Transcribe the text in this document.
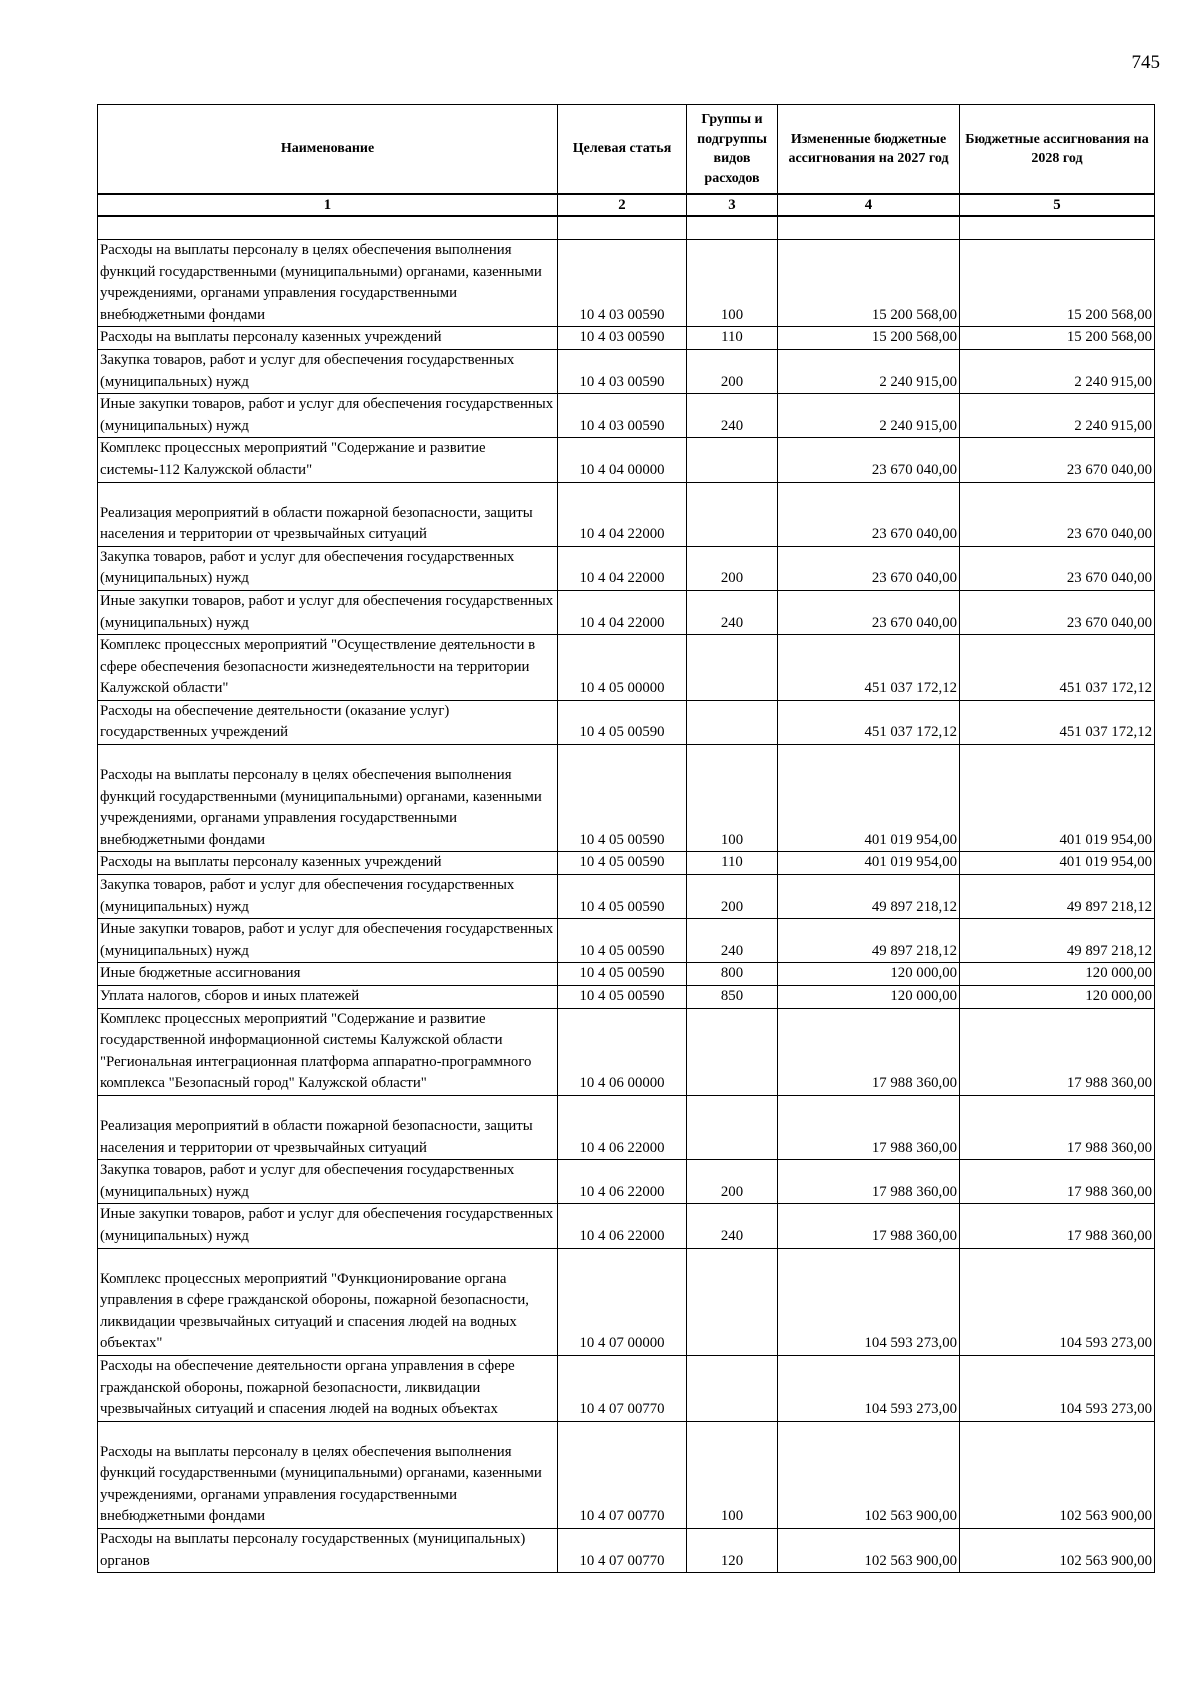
745
Наименование	Целевая статья	Группы и подгруппы видов расходов	Измененные бюджетные ассигнования на 2027 год	Бюджетные ассигнования на 2028 год
1	2	3	4	5

Расходы на выплаты персоналу в целях обеспечения выполнения функций государственными (муниципальными) органами, казенными учреждениями, органами управления государственными внебюджетными фондами	10 4 03 00590	100	15 200 568,00	15 200 568,00
Расходы на выплаты персоналу казенных учреждений	10 4 03 00590	110	15 200 568,00	15 200 568,00
Закупка товаров, работ и услуг для обеспечения государственных (муниципальных) нужд	10 4 03 00590	200	2 240 915,00	2 240 915,00
Иные закупки товаров, работ и услуг для обеспечения государственных (муниципальных) нужд	10 4 03 00590	240	2 240 915,00	2 240 915,00
Комплекс процессных мероприятий "Содержание и развитие системы-112 Калужской области"	10 4 04 00000		23 670 040,00	23 670 040,00
Реализация мероприятий в области пожарной безопасности, защиты населения и территории от чрезвычайных ситуаций	10 4 04 22000		23 670 040,00	23 670 040,00
Закупка товаров, работ и услуг для обеспечения государственных (муниципальных) нужд	10 4 04 22000	200	23 670 040,00	23 670 040,00
Иные закупки товаров, работ и услуг для обеспечения государственных (муниципальных) нужд	10 4 04 22000	240	23 670 040,00	23 670 040,00
Комплекс процессных мероприятий "Осуществление деятельности в сфере обеспечения безопасности жизнедеятельности на территории Калужской области"	10 4 05 00000		451 037 172,12	451 037 172,12
Расходы на обеспечение деятельности (оказание услуг) государственных учреждений	10 4 05 00590		451 037 172,12	451 037 172,12
Расходы на выплаты персоналу в целях обеспечения выполнения функций государственными (муниципальными) органами, казенными учреждениями, органами управления государственными внебюджетными фондами	10 4 05 00590	100	401 019 954,00	401 019 954,00
Расходы на выплаты персоналу казенных учреждений	10 4 05 00590	110	401 019 954,00	401 019 954,00
Закупка товаров, работ и услуг для обеспечения государственных (муниципальных) нужд	10 4 05 00590	200	49 897 218,12	49 897 218,12
Иные закупки товаров, работ и услуг для обеспечения государственных (муниципальных) нужд	10 4 05 00590	240	49 897 218,12	49 897 218,12
Иные бюджетные ассигнования	10 4 05 00590	800	120 000,00	120 000,00
Уплата налогов, сборов и иных платежей	10 4 05 00590	850	120 000,00	120 000,00
Комплекс процессных мероприятий "Содержание и развитие государственной информационной системы Калужской области "Региональная интеграционная платформа аппаратно-программного комплекса "Безопасный город" Калужской области"	10 4 06 00000		17 988 360,00	17 988 360,00
Реализация мероприятий в области пожарной безопасности, защиты населения и территории от чрезвычайных ситуаций	10 4 06 22000		17 988 360,00	17 988 360,00
Закупка товаров, работ и услуг для обеспечения государственных (муниципальных) нужд	10 4 06 22000	200	17 988 360,00	17 988 360,00
Иные закупки товаров, работ и услуг для обеспечения государственных (муниципальных) нужд	10 4 06 22000	240	17 988 360,00	17 988 360,00
Комплекс процессных мероприятий "Функционирование органа управления в сфере гражданской обороны, пожарной безопасности, ликвидации чрезвычайных ситуаций и спасения людей на водных объектах"	10 4 07 00000		104 593 273,00	104 593 273,00
Расходы на обеспечение деятельности органа управления в сфере гражданской обороны, пожарной безопасности, ликвидации чрезвычайных ситуаций и спасения людей на водных объектах	10 4 07 00770		104 593 273,00	104 593 273,00
Расходы на выплаты персоналу в целях обеспечения выполнения функций государственными (муниципальными) органами, казенными учреждениями, органами управления государственными внебюджетными фондами	10 4 07 00770	100	102 563 900,00	102 563 900,00
Расходы на выплаты персоналу государственных (муниципальных) органов	10 4 07 00770	120	102 563 900,00	102 563 900,00
